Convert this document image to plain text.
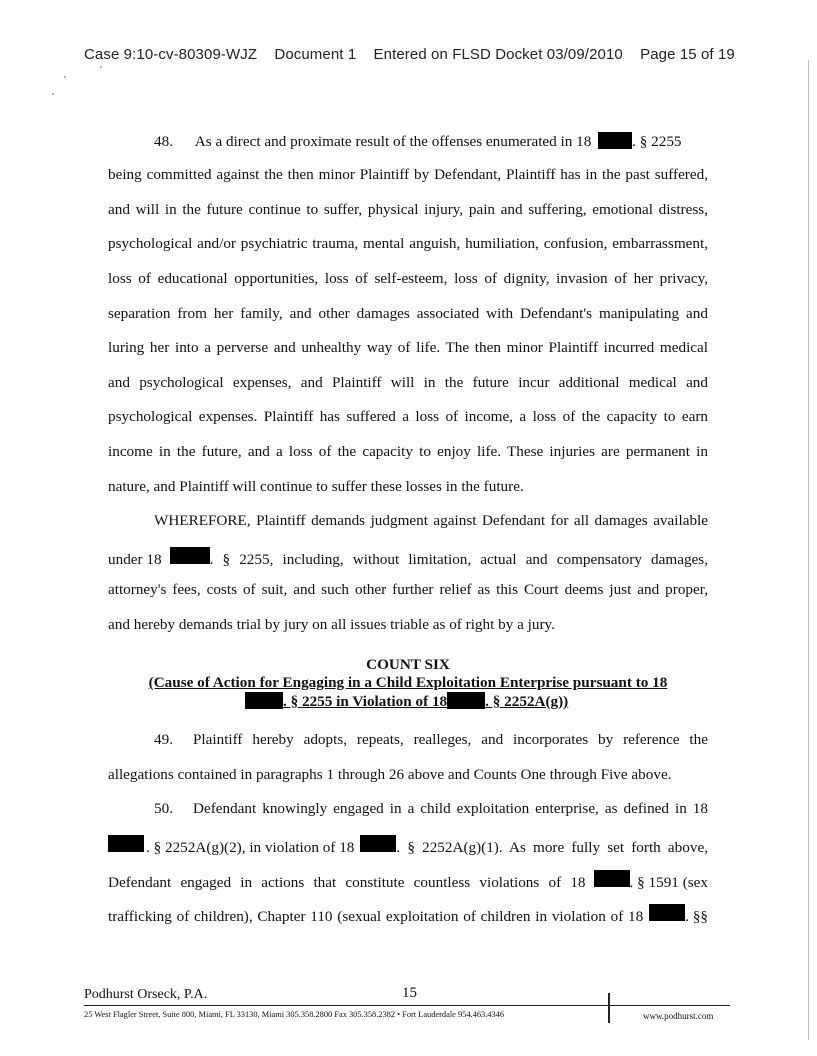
Case 9:10-cv-80309-WJZ Document 1 Entered on FLSD Docket 03/09/2010 Page 15 of 19
48. As a direct and proximate result of the offenses enumerated in 18	. § 2255
being committed against the then minor Plaintiff by Defendant, Plaintiff has in the past suffered,
and will in the future continue to suffer, physical injury, pain and suffering, emotional distress,
psychological and/or psychiatric trauma, mental anguish, humiliation, confusion, embarrassment,
loss of educational opportunities, loss of self-esteem, loss of dignity, invasion of her privacy,
separation from her family, and other damages associated with Defendant's manipulating and
luring her into a perverse and unhealthy way of life. The then minor Plaintiff incurred medical
and psychological expenses, and Plaintiff will in the future incur additional medical and
psychological expenses. Plaintiff has suffered a loss of income, a loss of the capacity to earn
income in the future, and a loss of the capacity to enjoy life. These injuries are permanent in
nature, and Plaintiff will continue to suffer these losses in the future.
WHEREFORE, Plaintiff demands judgment against Defendant for all damages available
under 18	. § 2255, including, without limitation, actual and compensatory damages,
attorney's fees, costs of suit, and such other further relief as this Court deems just and proper,
and hereby demands trial by jury on all issues triable as of right by a jury.
COUNT SIX
(Cause of Action for Engaging in a Child Exploitation Enterprise pursuant to 18
. § 2255 in Violation of 18	. § 2252A(g))
49. Plaintiff hereby adopts, repeats, realleges, and incorporates by reference the
allegations contained in paragraphs 1 through 26 above and Counts One through Five above.
50. Defendant knowingly engaged in a child exploitation enterprise, as defined in 18
. § 2252A(g)(2), in violation of 18	. § 2252A(g)(1). As more fully set forth above,
Defendant engaged in actions that constitute countless violations of 18	. § 1591 (sex
trafficking of children), Chapter 110 (sexual exploitation of children in violation of 18	. §§
Podhurst Orseck, P.A.	15
25 West Flagler Street, Suite 800, Miami, FL 33130, Miami 305.358.2800 Fax 305.358.2382 • Fort Lauderdale 954.463.4346	www.podhurst.com
